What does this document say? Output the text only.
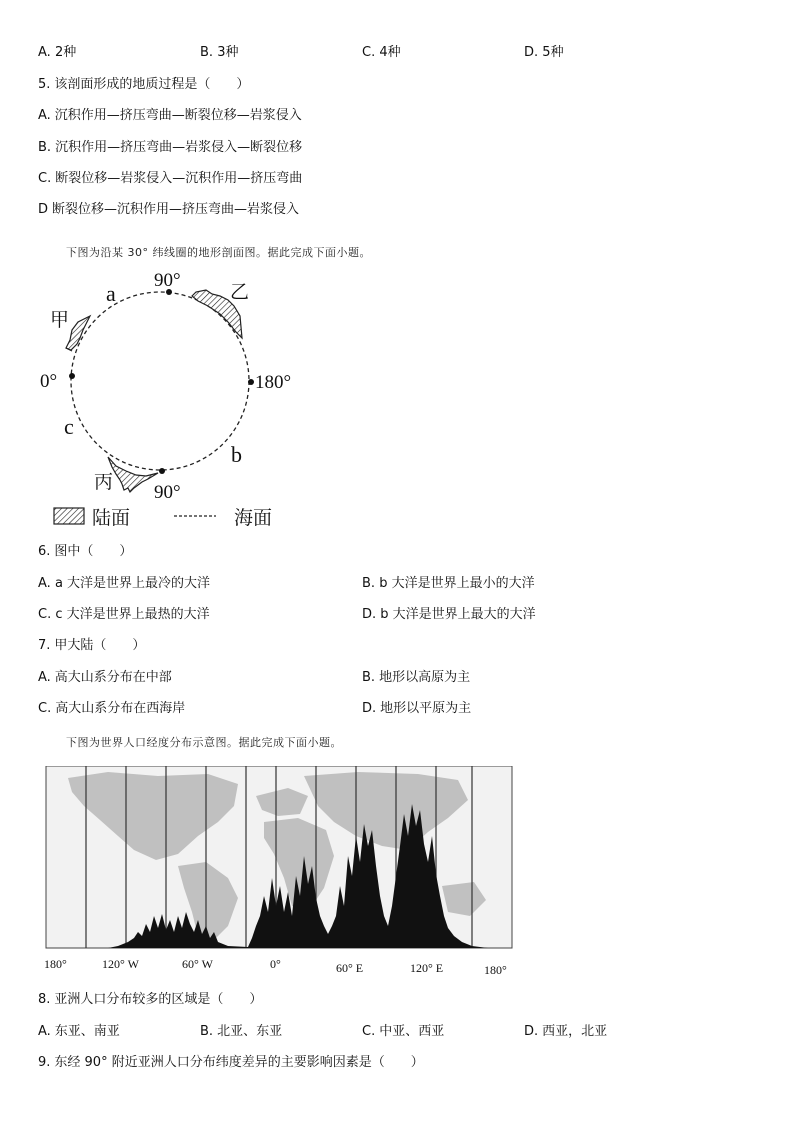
A. 2种	B. 3种	C. 4种	D. 5种
5. 该剖面形成的地质过程是（　　）
A. 沉积作用—挤压弯曲—断裂位移—岩浆侵入
B. 沉积作用—挤压弯曲—岩浆侵入—断裂位移
C. 断裂位移—岩浆侵入—沉积作用—挤压弯曲
D 断裂位移—沉积作用—挤压弯曲—岩浆侵入
下图为沿某 30° 纬线圈的地形剖面图。据此完成下面小题。
90°
90°
0°	180°
a
b
c
甲
乙
丙
陆面	海面
6. 图中（　　）
A. a 大洋是世界上最冷的大洋	B. b 大洋是世界上最小的大洋
C. c 大洋是世界上最热的大洋	D. b 大洋是世界上最大的大洋
7. 甲大陆（　　）
A. 高大山系分布在中部	B. 地形以高原为主
C. 高大山系分布在西海岸	D. 地形以平原为主
下图为世界人口经度分布示意图。据此完成下面小题。
180°	120° W	60° W	0°	60° E	120° E	180°
8. 亚洲人口分布较多的区域是（　　）
A. 东亚、南亚	B. 北亚、东亚	C. 中亚、西亚	D. 西亚，北亚
9. 东经 90° 附近亚洲人口分布纬度差异的主要影响因素是（　　）
